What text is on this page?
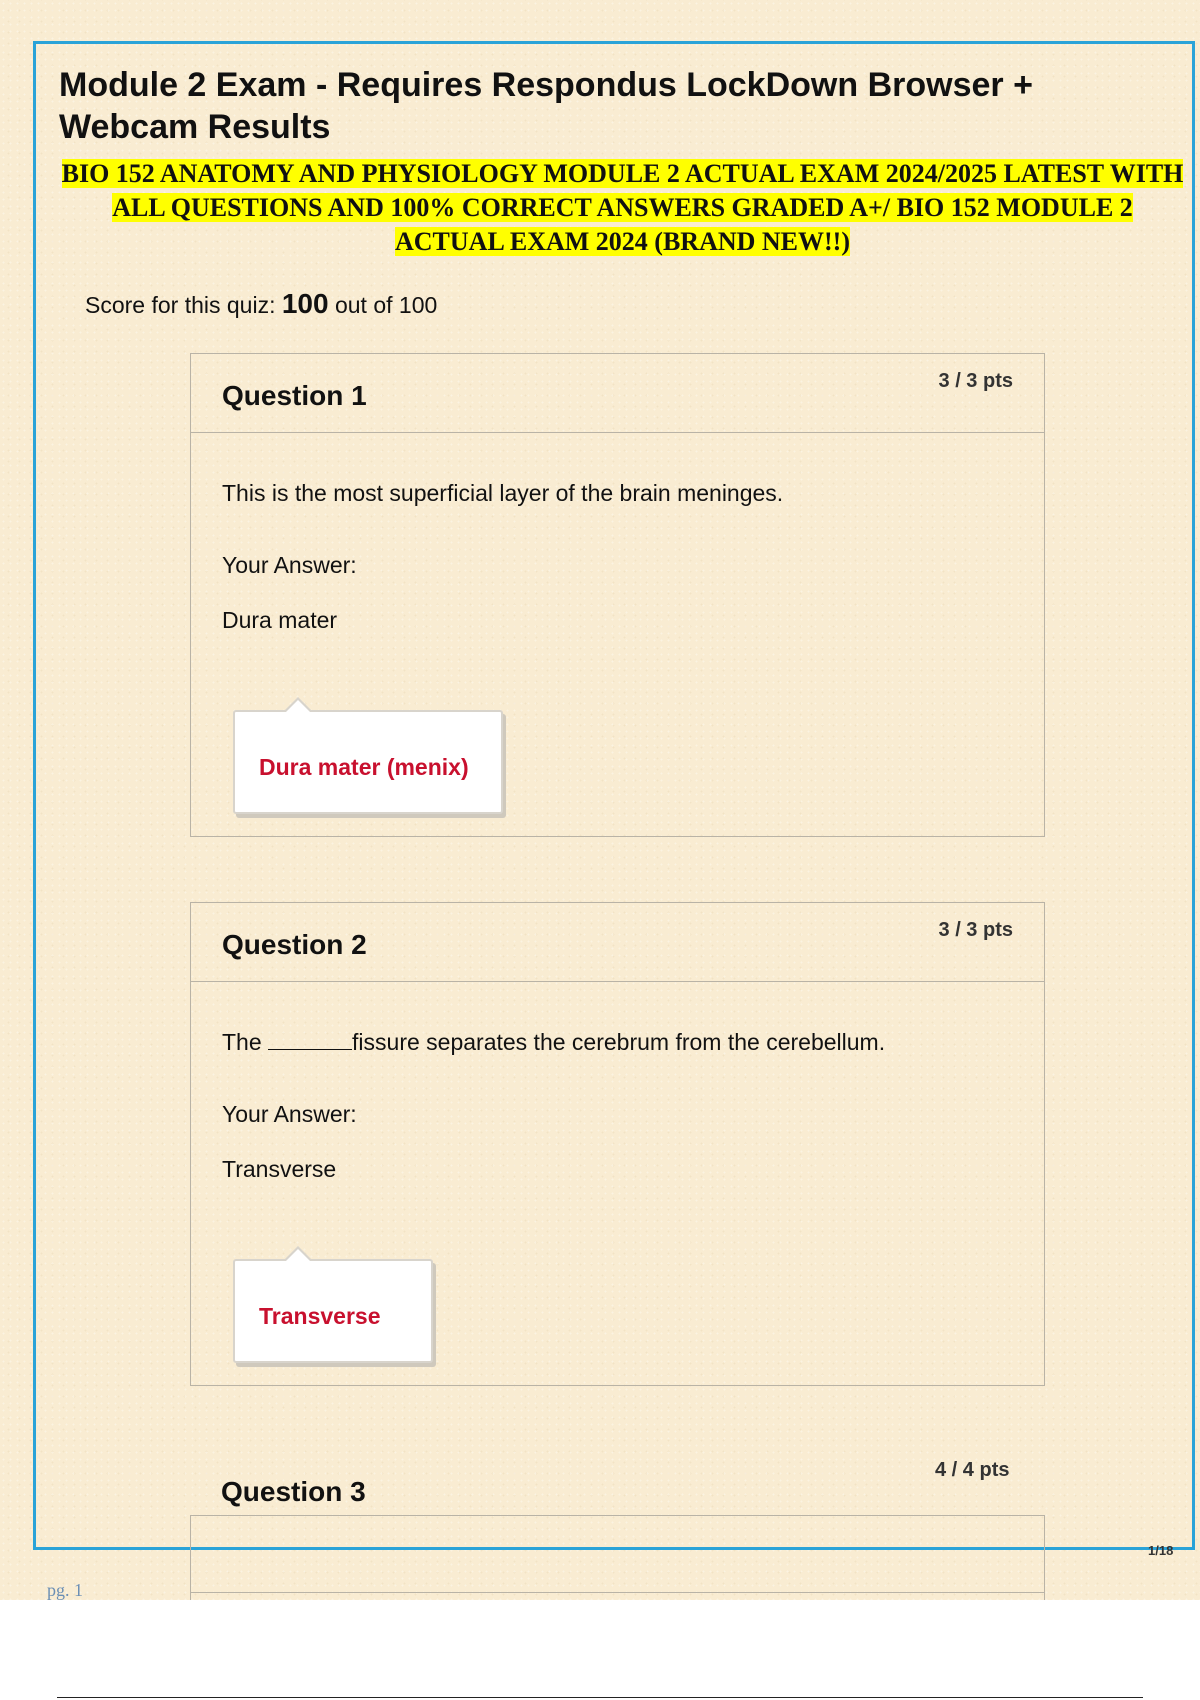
Module 2 Exam - Requires Respondus LockDown Browser + Webcam Results
BIO 152 ANATOMY AND PHYSIOLOGY MODULE 2 ACTUAL EXAM 2024/2025 LATEST WITH ALL QUESTIONS AND 100% CORRECT ANSWERS GRADED A+/ BIO 152 MODULE 2 ACTUAL EXAM 2024 (BRAND NEW!!)
Score for this quiz: 100 out of 100
Question 1	3 / 3 pts
This is the most superficial layer of the brain meninges.
Your Answer:
Dura mater
Dura mater (menix)
Question 2	3 / 3 pts
The	fissure separates the cerebrum from the cerebellum.
Your Answer:
Transverse
Transverse
Question 3
4 / 4 pts
1/18
pg. 1
